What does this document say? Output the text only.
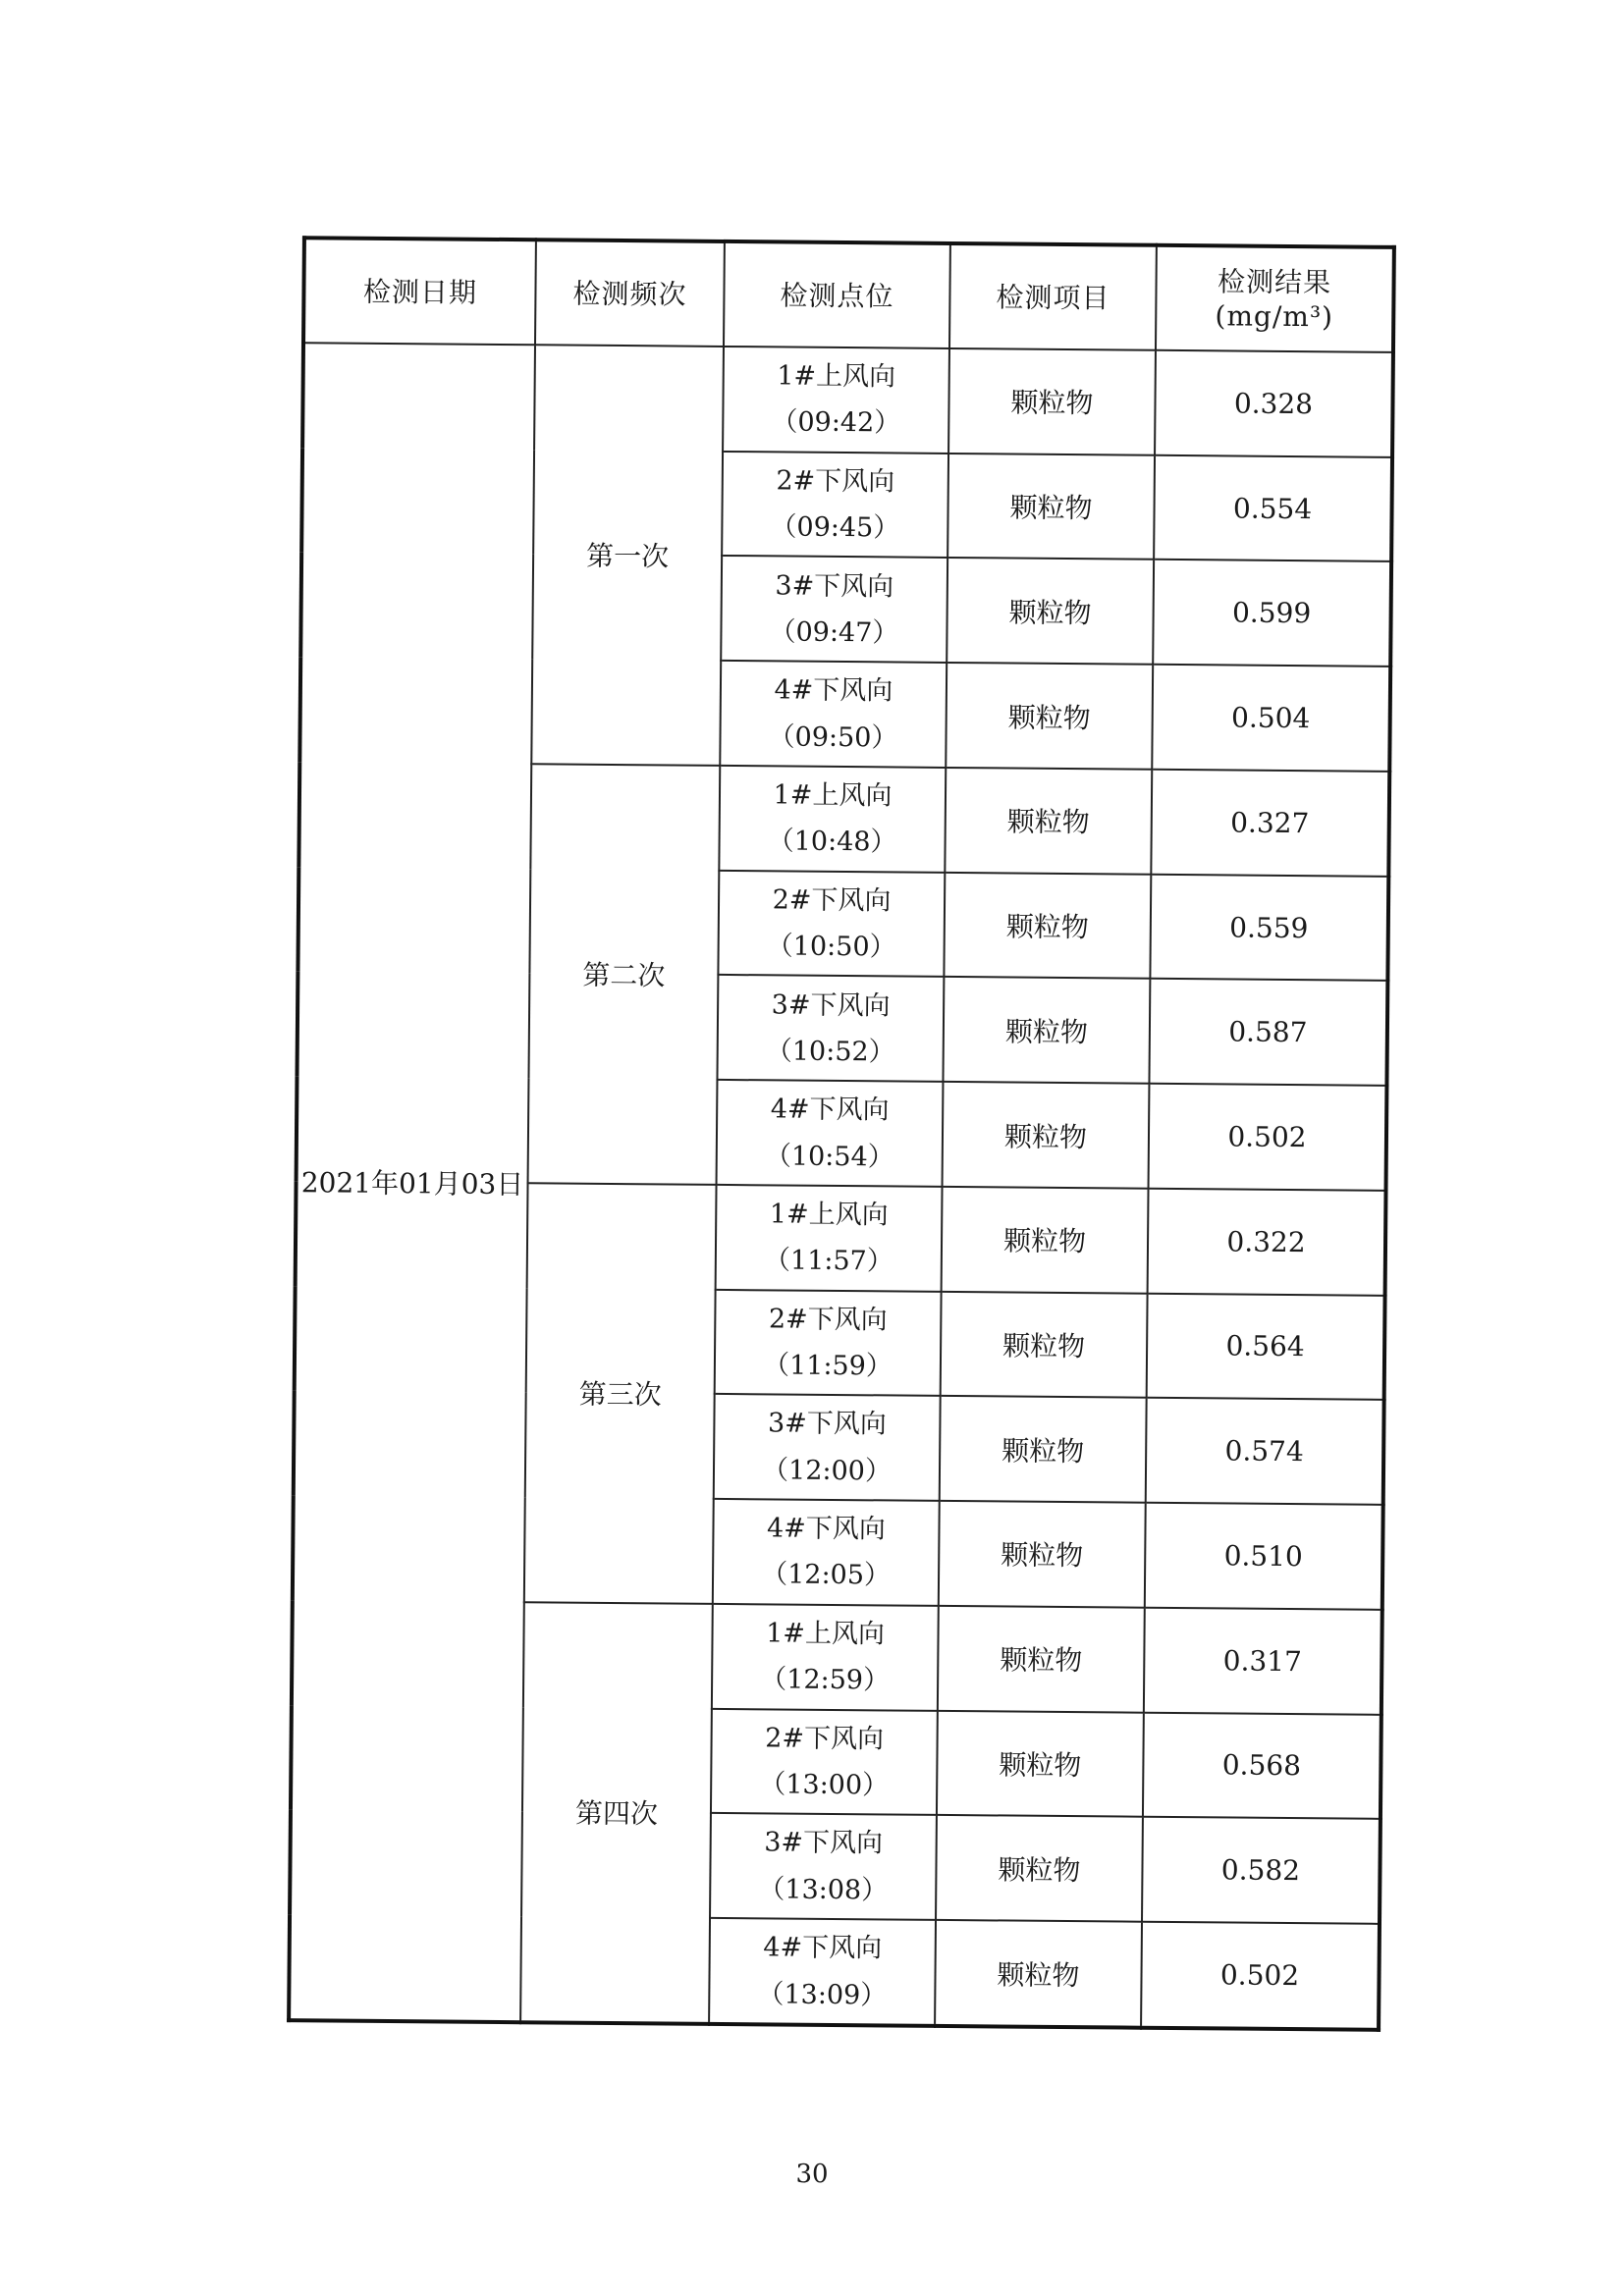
检测日期	检测频次	检测点位	检测项目	检测结果
(mg/m³)
2021年01月03日	第一次	1#上风向
（09:42）	颗粒物	0.328

		2#下风向
（09:45）	颗粒物	0.554

		3#下风向
（09:47）	颗粒物	0.599

		4#下风向
（09:50）	颗粒物	0.504
	第二次	1#上风向
（10:48）	颗粒物	0.327

		2#下风向
（10:50）	颗粒物	0.559

		3#下风向
（10:52）	颗粒物	0.587

		4#下风向
（10:54）	颗粒物	0.502
	第三次	1#上风向
（11:57）	颗粒物	0.322

		2#下风向
（11:59）	颗粒物	0.564

		3#下风向
（12:00）	颗粒物	0.574

		4#下风向
（12:05）	颗粒物	0.510
	第四次	1#上风向
（12:59）	颗粒物	0.317

		2#下风向
（13:00）	颗粒物	0.568

		3#下风向
（13:08）	颗粒物	0.582

		4#下风向
（13:09）	颗粒物	0.502
30
